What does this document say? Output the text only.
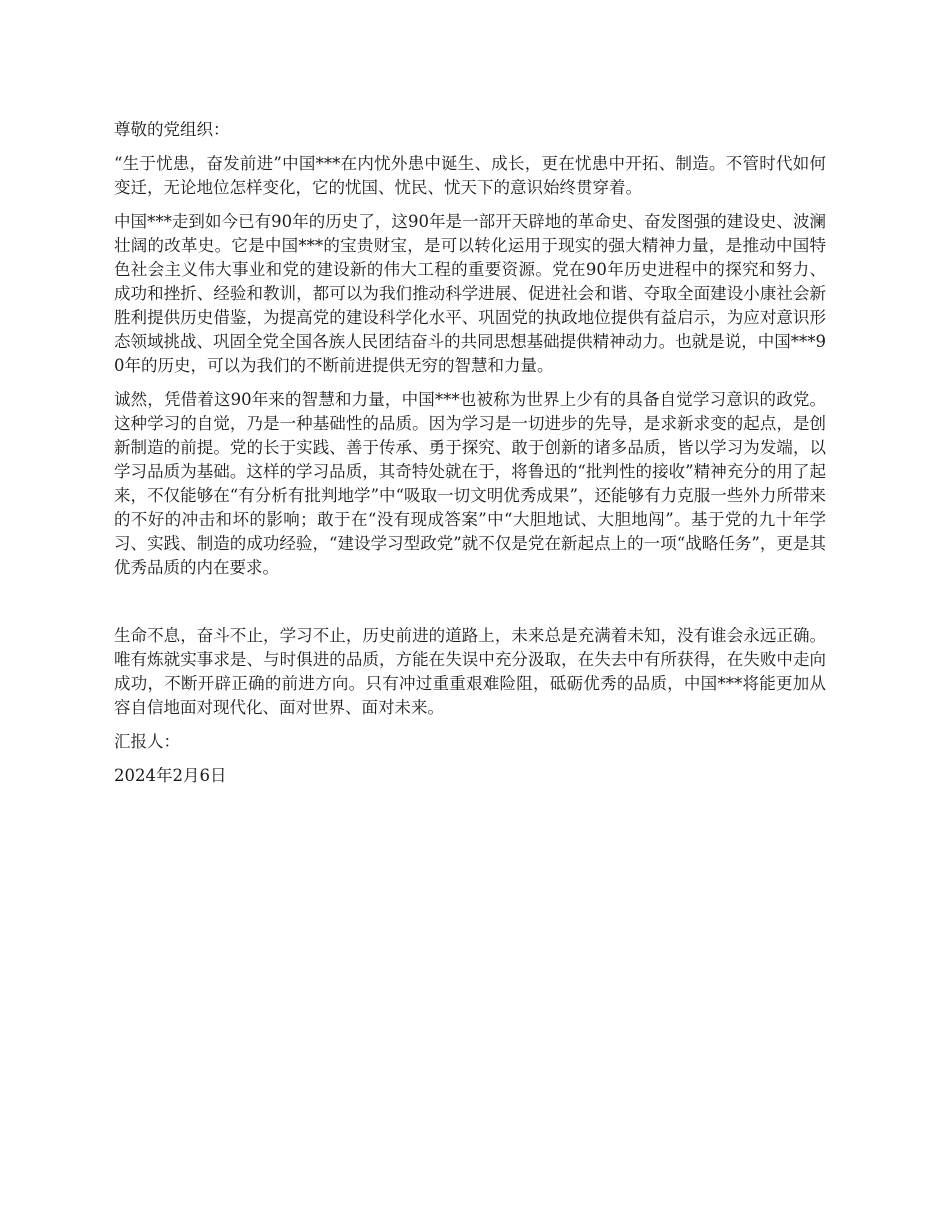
尊敬的党组织：

“生于忧患，奋发前进”中国***在内忧外患中诞生、成长，更在忧患中开拓、制造。不管时代如何变迁，无论地位怎样变化，它的忧国、忧民、忧天下的意识始终贯穿着。

中国***走到如今已有90年的历史了，这90年是一部开天辟地的革命史、奋发图强的建设史、波澜壮阔的改革史。它是中国***的宝贵财宝，是可以转化运用于现实的强大精神力量，是推动中国特色社会主义伟大事业和党的建设新的伟大工程的重要资源。党在90年历史进程中的探究和努力、成功和挫折、经验和教训，都可以为我们推动科学进展、促进社会和谐、夺取全面建设小康社会新胜利提供历史借鉴，为提高党的建设科学化水平、巩固党的执政地位提供有益启示，为应对意识形态领域挑战、巩固全党全国各族人民团结奋斗的共同思想基础提供精神动力。也就是说，中国***90年的历史，可以为我们的不断前进提供无穷的智慧和力量。

诚然，凭借着这90年来的智慧和力量，中国***也被称为世界上少有的具备自觉学习意识的政党。这种学习的自觉，乃是一种基础性的品质。因为学习是一切进步的先导，是求新求变的起点，是创新制造的前提。党的长于实践、善于传承、勇于探究、敢于创新的诸多品质，皆以学习为发端，以学习品质为基础。这样的学习品质，其奇特处就在于，将鲁迅的“批判性的接收”精神充分的用了起来，不仅能够在“有分析有批判地学”中“吸取一切文明优秀成果”，还能够有力克服一些外力所带来的不好的冲击和坏的影响；敢于在“没有现成答案”中“大胆地试、大胆地闯”。基于党的九十年学习、实践、制造的成功经验，“建设学习型政党”就不仅是党在新起点上的一项“战略任务”，更是其优秀品质的内在要求。

生命不息，奋斗不止，学习不止，历史前进的道路上，未来总是充满着未知，没有谁会永远正确。唯有炼就实事求是、与时俱进的品质，方能在失误中充分汲取，在失去中有所获得，在失败中走向成功，不断开辟正确的前进方向。只有冲过重重艰难险阻，砥砺优秀的品质，中国***将能更加从容自信地面对现代化、面对世界、面对未来。

汇报人：

2024年2月6日
